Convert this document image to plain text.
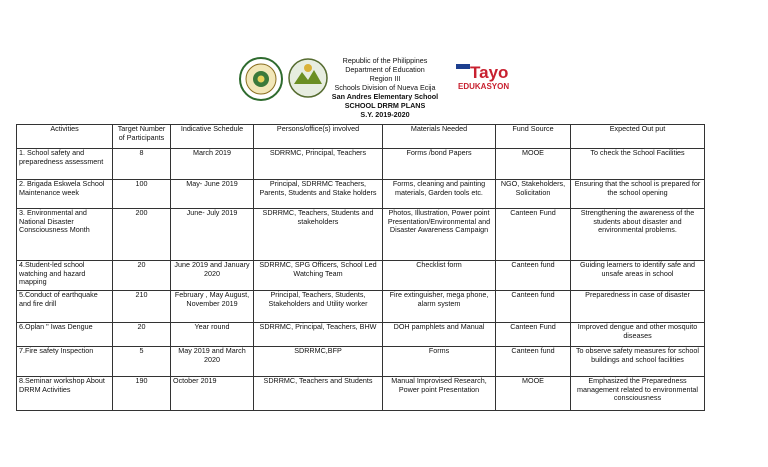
Tayo
EDUKASYON
Republic of the Philippines
Department of Education
Region III
Schools Division of Nueva Ecija
San Andres Elementary School
SCHOOL DRRM PLANS
S.Y. 2019-2020
Activities	Target Number of Participants	Indicative Schedule	Persons/office(s) involved	Materials Needed	Fund Source	Expected Out put
1. School safety and preparedness assessment	8	March 2019	SDRRMC, Principal, Teachers	Forms /bond Papers	MOOE	To check the School Facilities
2. Brigada Eskwela School Maintenance week	100	May- June 2019	Principal, SDRRMC Teachers, Parents, Students and Stake holders	Forms, cleaning and painting materials, Garden tools etc.	NGO, Stakeholders, Solicitation	Ensuring that the school is prepared for the school opening
3. Environmental and National Disaster Consciousness Month	200	June- July 2019	SDRRMC, Teachers, Students and stakeholders	Photos, Illustration, Power point Presentation/Environmental and Disaster Awareness Campaign	Canteen Fund	Strengthening the awareness of the students about disaster and environmental problems.
4.Student-led school watching and hazard mapping	20	June 2019 and January 2020	SDRRMC, SPG Officers, School Led Watching Team	Checklist form	Canteen fund	Guiding learners to identify safe and unsafe areas in school
5.Conduct of earthquake and fire drill	210	February , May August, November 2019	Principal, Teachers, Students, Stakeholders and Utility worker	Fire extinguisher, mega phone, alarm system	Canteen fund	Preparedness in case of disaster
6.Oplan " Iwas Dengue	20	Year round	SDRRMC, Principal, Teachers, BHW	DOH pamphlets and Manual	Canteen Fund	Improved dengue and other mosquito diseases
7.Fire safety Inspection	5	May 2019 and March 2020	SDRRMC,BFP	Forms	Canteen fund	To observe safety measures for school buildings and school facilities
8.Seminar workshop About DRRM Activities	190	October 2019	SDRRMC, Teachers and Students	Manual Improvised Research, Power point Presentation	MOOE	Emphasized the Preparedness management related to environmental consciousness
